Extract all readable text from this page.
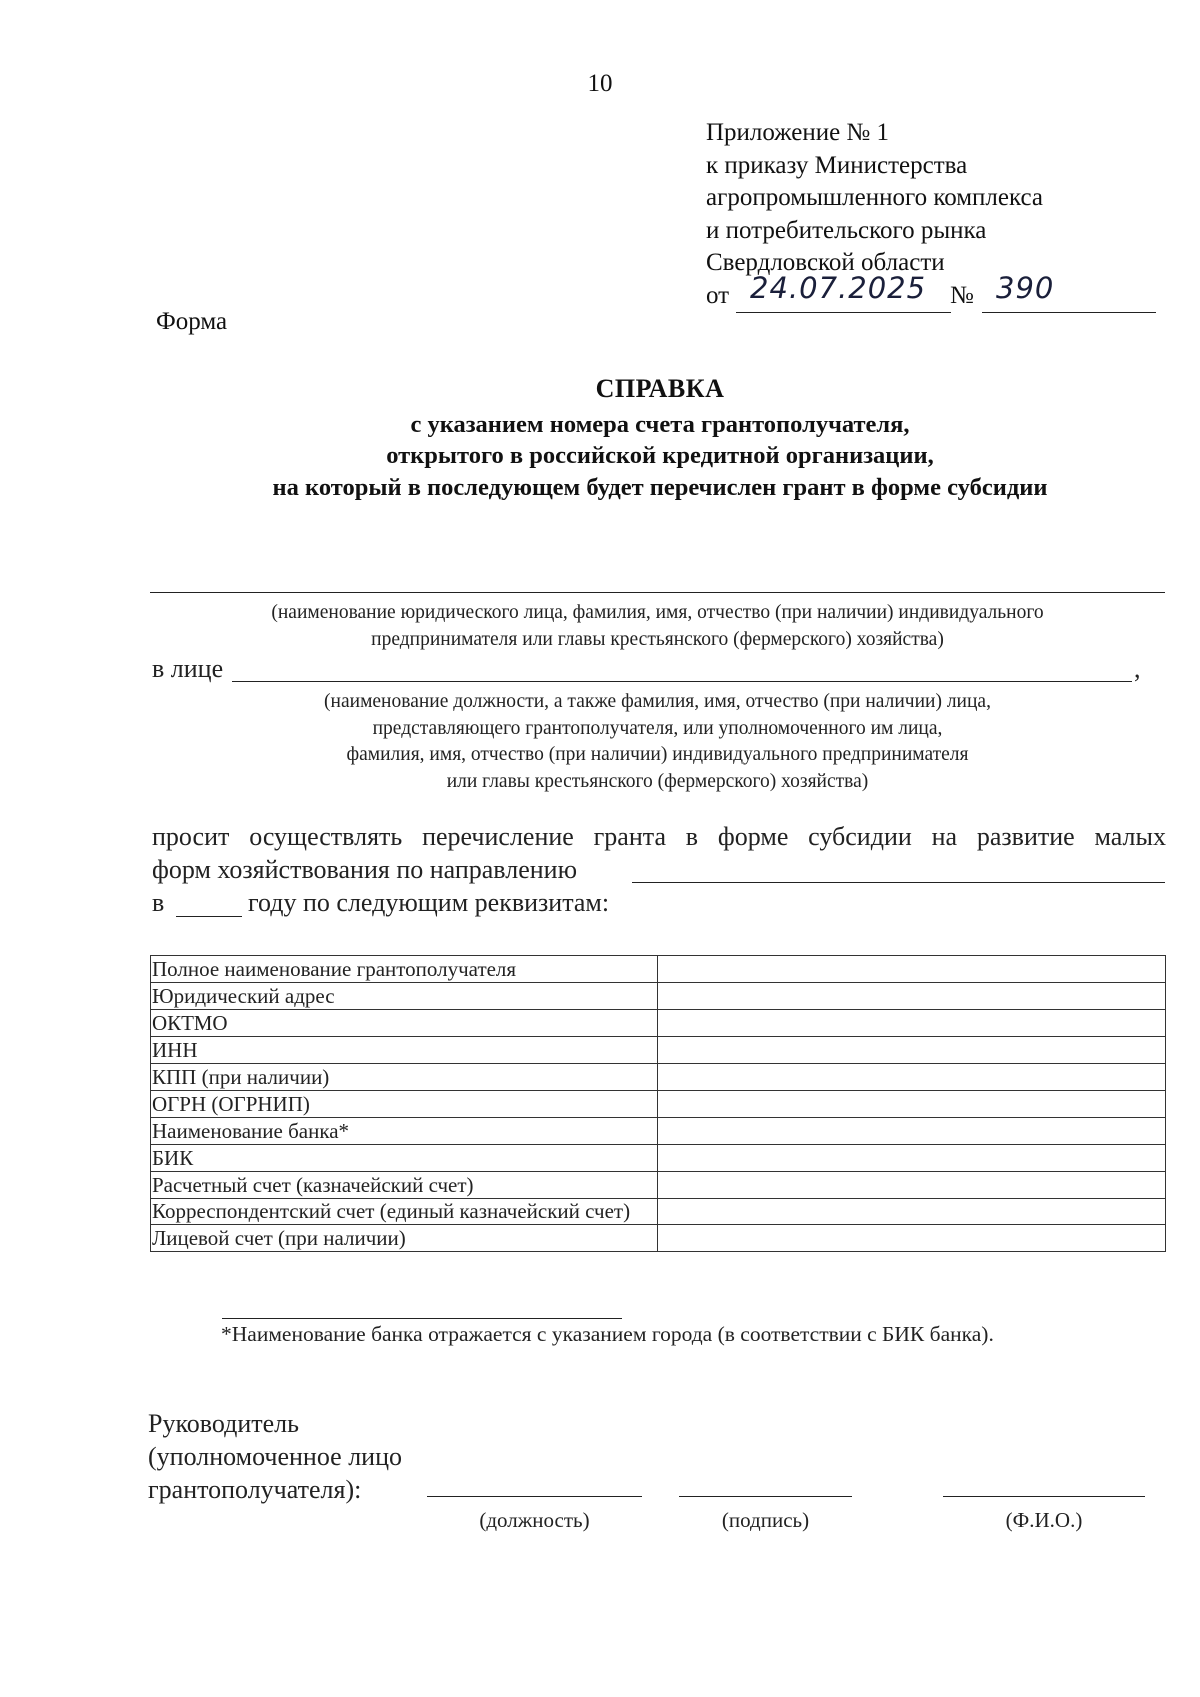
10
Приложение № 1
к приказу Министерства
агропромышленного комплекса
и потребительского рынка
Свердловской области
от 24.07.2025 № 390
Форма
СПРАВКА
с указанием номера счета грантополучателя,
открытого в российской кредитной организации,
на который в последующем будет перечислен грант в форме субсидии
(наименование юридического лица, фамилия, имя, отчество (при наличии) индивидуального
предпринимателя или главы крестьянского (фермерского) хозяйства)
в лице	,
(наименование должности, а также фамилия, имя, отчество (при наличии) лица,
представляющего грантополучателя, или уполномоченного им лица,
фамилия, имя, отчество (при наличии) индивидуального предпринимателя
или главы крестьянского (фермерского) хозяйства)
просит осуществлять перечисление гранта в форме субсидии на развитие малых
форм хозяйствования по направлению
в	году по следующим реквизитам:
Полное наименование грантополучателя	
Юридический адрес	
ОКТМО	
ИНН	
КПП (при наличии)	
ОГРН (ОГРНИП)	
Наименование банка*	
БИК	
Расчетный счет (казначейский счет)	
Корреспондентский счет (единый казначейский счет)	
Лицевой счет (при наличии)	
*Наименование банка отражается с указанием города (в соответствии с БИК банка).
Руководитель
(уполномоченное лицо
грантополучателя):
(должность)	(подпись)	(Ф.И.О.)
